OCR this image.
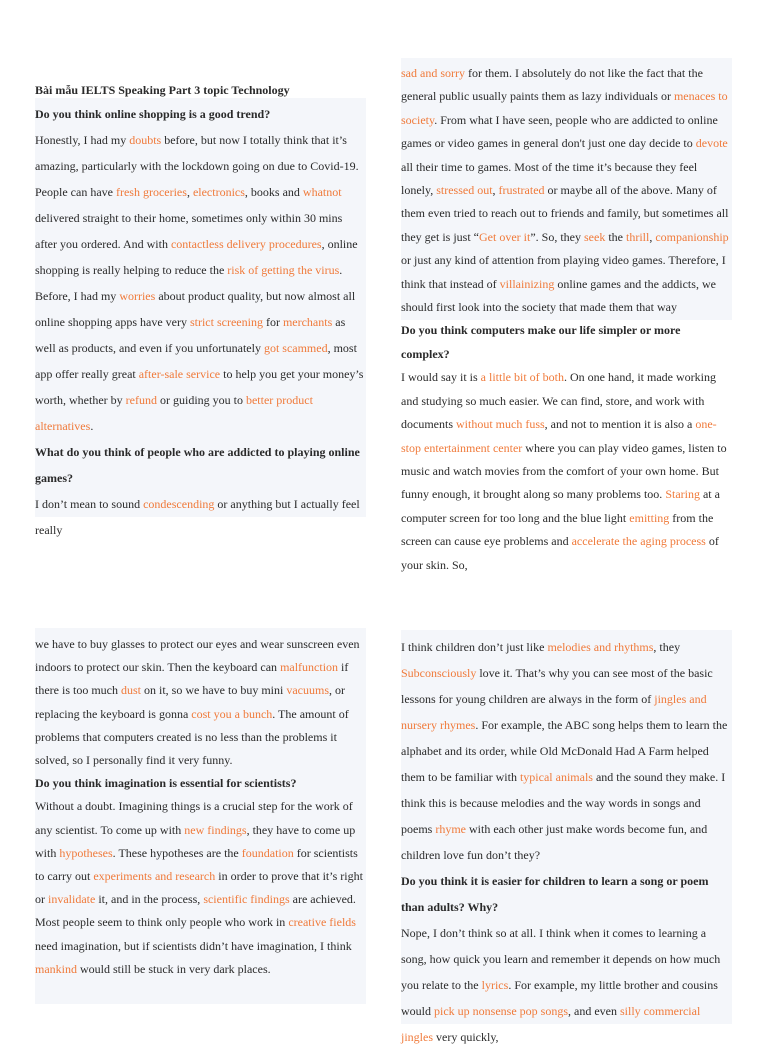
Bài mẫu IELTS Speaking Part 3 topic Technology

Do you think online shopping is a good trend?

Honestly, I had my doubts before, but now I totally think that it’s amazing, particularly with the lockdown going on due to Covid-19. People can have fresh groceries, electronics, books and whatnot delivered straight to their home, sometimes only within 30 mins after you ordered. And with contactless delivery procedures, online shopping is really helping to reduce the risk of getting the virus. Before, I had my worries about product quality, but now almost all online shopping apps have very strict screening for merchants as well as products, and even if you unfortunately got scammed, most app offer really great after-sale service to help you get your money’s worth, whether by refund or guiding you to better product alternatives.

What do you think of people who are addicted to playing online games?

I don’t mean to sound condescending or anything but I actually feel really

sad and sorry for them. I absolutely do not like the fact that the general public usually paints them as lazy individuals or menaces to society. From what I have seen, people who are addicted to online games or video games in general don't just one day decide to devote all their time to games. Most of the time it’s because they feel lonely, stressed out, frustrated or maybe all of the above. Many of them even tried to reach out to friends and family, but sometimes all they get is just “Get over it”. So, they seek the thrill, companionship or just any kind of attention from playing video games. Therefore, I think that instead of villainizing online games and the addicts, we should first look into the society that made them that way

Do you think computers make our life simpler or more complex?

I would say it is a little bit of both. On one hand, it made working and studying so much easier. We can find, store, and work with documents without much fuss, and not to mention it is also a one-stop entertainment center where you can play video games, listen to music and watch movies from the comfort of your own home. But funny enough, it brought along so many problems too. Staring at a computer screen for too long and the blue light emitting from the screen can cause eye problems and accelerate the aging process of your skin. So,

we have to buy glasses to protect our eyes and wear sunscreen even indoors to protect our skin. Then the keyboard can malfunction if there is too much dust on it, so we have to buy mini vacuums, or replacing the keyboard is gonna cost you a bunch. The amount of problems that computers created is no less than the problems it solved, so I personally find it very funny.

Do you think imagination is essential for scientists?

Without a doubt. Imagining things is a crucial step for the work of any scientist. To come up with new findings, they have to come up with hypotheses. These hypotheses are the foundation for scientists to carry out experiments and research in order to prove that it’s right or invalidate it, and in the process, scientific findings are achieved. Most people seem to think only people who work in creative fields need imagination, but if scientists didn’t have imagination, I think mankind would still be stuck in very dark places.

I think children don’t just like melodies and rhythms, they Subconsciously love it. That’s why you can see most of the basic lessons for young children are always in the form of jingles and nursery rhymes. For example, the ABC song helps them to learn the alphabet and its order, while Old McDonald Had A Farm helped them to be familiar with typical animals and the sound they make. I think this is because melodies and the way words in songs and poems rhyme with each other just make words become fun, and children love fun don’t they?

Do you think it is easier for children to learn a song or poem than adults? Why?

Nope, I don’t think so at all. I think when it comes to learning a song, how quick you learn and remember it depends on how much you relate to the lyrics. For example, my little brother and cousins would pick up nonsense pop songs, and even silly commercial jingles very quickly,
